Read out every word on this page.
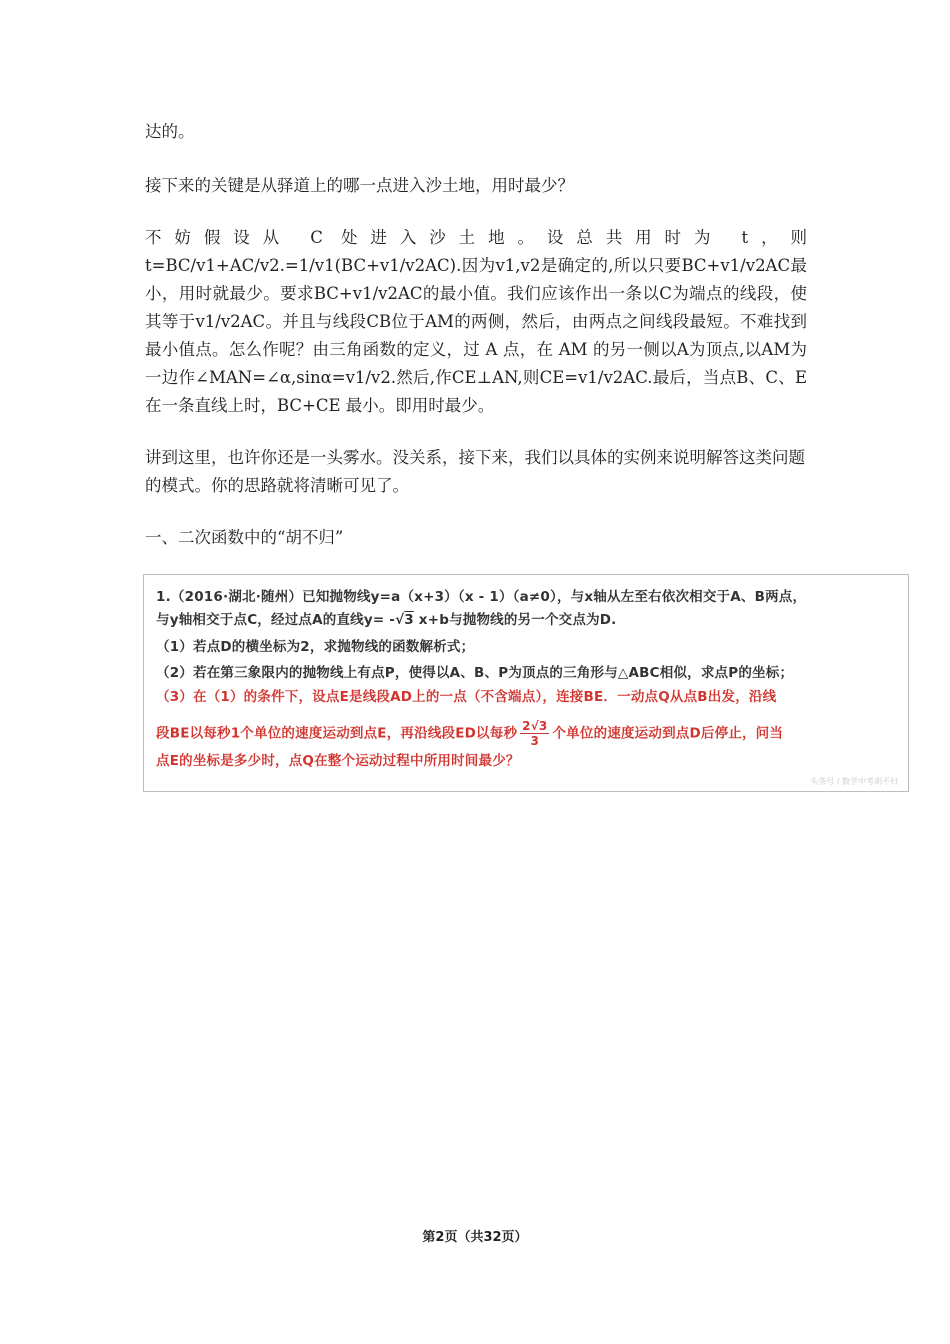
达的。

接下来的关键是从驿道上的哪一点进入沙土地，用时最少？

不妨假设从 C 处进入沙土地。设总共用时为 t，则 t=BC/v1+AC/v2.=1/v1(BC+v1/v2AC).因为v1,v2是确定的,所以只要BC+v1/v2AC最小，用时就最少。要求BC+v1/v2AC的最小值。我们应该作出一条以C为端点的线段，使其等于v1/v2AC。并且与线段CB位于AM的两侧，然后，由两点之间线段最短。不难找到最小值点。怎么作呢？由三角函数的定义，过 A 点，在 AM 的另一侧以A为顶点,以AM为一边作∠MAN=∠α,sinα=v1/v2.然后,作CE⊥AN,则CE=v1/v2AC.最后，当点B、C、E在一条直线上时，BC+CE 最小。即用时最少。

讲到这里，也许你还是一头雾水。没关系，接下来，我们以具体的实例来说明解答这类问题的模式。你的思路就将清晰可见了。

一、二次函数中的“胡不归”

1.（2016·湖北·随州）已知抛物线y=a（x+3）（x - 1）（a≠0），与x轴从左至右依次相交于A、B两点，
与y轴相交于点C，经过点A的直线y= -√3 x+b与抛物线的另一个交点为D.
（1）若点D的横坐标为2，求抛物线的函数解析式；
（2）若在第三象限内的抛物线上有点P，使得以A、B、P为顶点的三角形与△ABC相似，求点P的坐标；
（3）在（1）的条件下，设点E是线段AD上的一点（不含端点），连接BE．一动点Q从点B出发，沿线
段BE以每秒1个单位的速度运动到点E，再沿线段ED以每秒 $\frac{2√3}{3}$ 个单位的速度运动到点D后停止，问当
点E的坐标是多少时，点Q在整个运动过程中所用时间最少？
头条号 / 数学中考胡不归
第2页（共32页）
